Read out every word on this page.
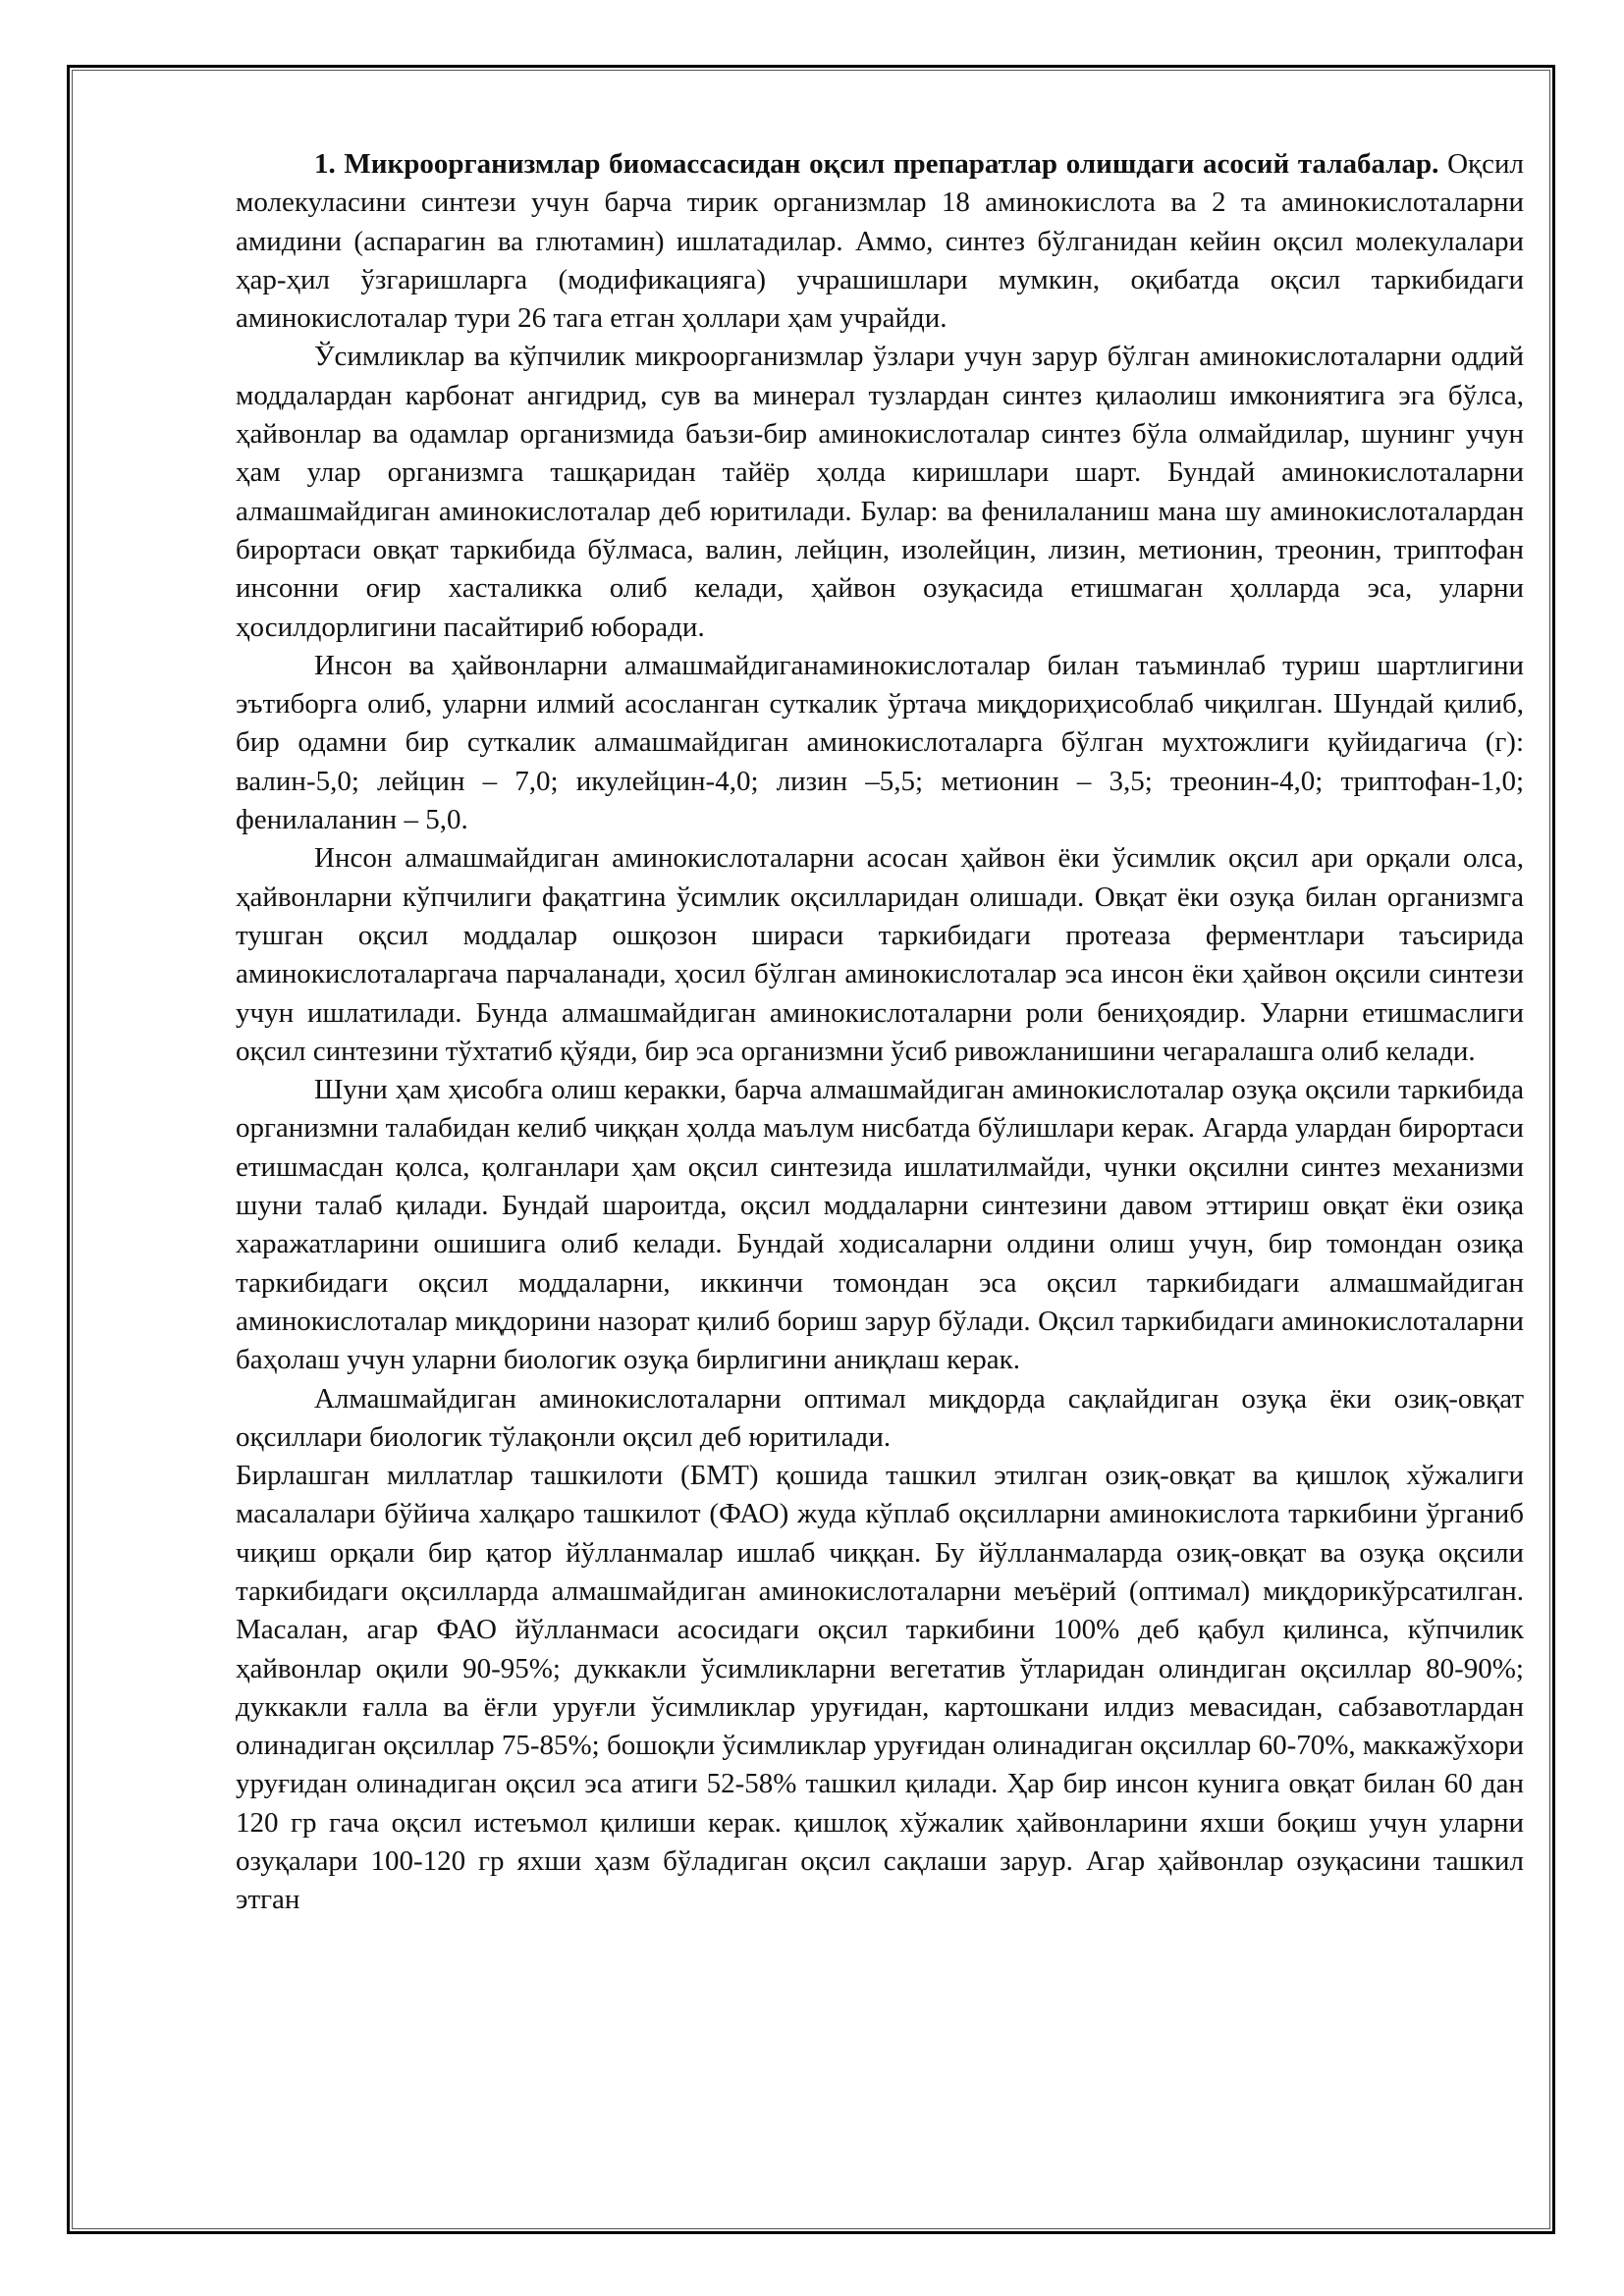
1. Микроорганизмлар биомассасидан оқсил препаратлар олишдаги асосий талабалар. Оқсил молекуласини синтези учун барча тирик организмлар 18 аминокислота ва 2 та аминокислоталарни амидини (аспарагин ва глютамин) ишлатадилар. Аммо, синтез бўлганидан кейин оқсил молекулалари ҳар-ҳил ўзгаришларга (модификацияга) учрашишлари мумкин, оқибатда оқсил таркибидаги аминокислоталар тури 26 тага етган ҳоллари ҳам учрайди.

Ўсимликлар ва кўпчилик микроорганизмлар ўзлари учун зарур бўлган аминокислоталарни оддий моддалардан карбонат ангидрид, сув ва минерал тузлардан синтез қилаолиш имкониятига эга бўлса, ҳайвонлар ва одамлар организмида баъзи-бир аминокислоталар синтез бўла олмайдилар, шунинг учун ҳам улар организмга ташқаридан тайёр ҳолда киришлари шарт. Бундай аминокислоталарни алмашмайдиган аминокислоталар деб юритилади. Булар: ва фенилаланиш мана шу аминокислоталардан бирортаси овқат таркибида бўлмаса, валин, лейцин, изолейцин, лизин, метионин, треонин, триптофан инсонни оғир хасталикка олиб келади, ҳайвон озуқасида етишмаган ҳолларда эса, уларни ҳосилдорлигини пасайтириб юборади.

Инсон ва ҳайвонларни алмашмайдиганаминокислоталар билан таъминлаб туриш шартлигини эътиборга олиб, уларни илмий асосланган суткалик ўртача миқдориҳисоблаб чиқилган. Шундай қилиб, бир одамни бир суткалик алмашмайдиган аминокислоталарга бўлган мухтожлиги қуйидагича (г): валин-5,0; лейцин – 7,0; икулейцин-4,0; лизин –5,5; метионин – 3,5; треонин-4,0; триптофан-1,0; фенилаланин – 5,0.

Инсон алмашмайдиган аминокислоталарни асосан ҳайвон ёки ўсимлик оқсил ари орқали олса, ҳайвонларни кўпчилиги фақатгина ўсимлик оқсилларидан олишади. Овқат ёки озуқа билан организмга тушган оқсил моддалар ошқозон шираси таркибидаги протеаза ферментлари таъсирида аминокислоталаргача парчаланади, ҳосил бўлган аминокислоталар эса инсон ёки ҳайвон оқсили синтези учун ишлатилади. Бунда алмашмайдиган аминокислоталарни роли бениҳоядир. Уларни етишмаслиги оқсил синтезини тўхтатиб қўяди, бир эса организмни ўсиб ривожланишини чегаралашга олиб келади.

Шуни ҳам ҳисобга олиш керакки, барча алмашмайдиган аминокислоталар озуқа оқсили таркибида организмни талабидан келиб чиққан ҳолда маълум нисбатда бўлишлари керак. Агарда улардан бирортаси етишмасдан қолса, қолганлари ҳам оқсил синтезида ишлатилмайди, чунки оқсилни синтез механизми шуни талаб қилади. Бундай шароитда, оқсил моддаларни синтезини давом эттириш овқат ёки озиқа харажатларини ошишига олиб келади. Бундай ходисаларни олдини олиш учун, бир томондан озиқа таркибидаги оқсил моддаларни, иккинчи томондан эса оқсил таркибидаги алмашмайдиган аминокислоталар миқдорини назорат қилиб бориш зарур бўлади. Оқсил таркибидаги аминокислоталарни баҳолаш учун уларни биологик озуқа бирлигини аниқлаш керак.

Алмашмайдиган аминокислоталарни оптимал миқдорда сақлайдиган озуқа ёки озиқ-овқат оқсиллари биологик тўлақонли оқсил деб юритилади.

Бирлашган миллатлар ташкилоти (БМТ) қошида ташкил этилган озиқ-овқат ва қишлоқ хўжалиги масалалари бўйича халқаро ташкилот (ФАО) жуда кўплаб оқсилларни аминокислота таркибини ўрганиб чиқиш орқали бир қатор йўлланмалар ишлаб чиққан. Бу йўлланмаларда озиқ-овқат ва озуқа оқсили таркибидаги оқсилларда алмашмайдиган аминокислоталарни меъёрий (оптимал) миқдорикўрсатилган. Масалан, агар ФАО йўлланмаси асосидаги оқсил таркибини 100% деб қабул қилинса, кўпчилик ҳайвонлар оқили 90-95%; дуккакли ўсимликларни вегетатив ўтларидан олиндиган оқсиллар 80-90%; дуккакли ғалла ва ёғли уруғли ўсимликлар уруғидан, картошкани илдиз мевасидан, сабзавотлардан олинадиган оқсиллар 75-85%; бошоқли ўсимликлар уруғидан олинадиган оқсиллар 60-70%, маккажўхори уруғидан олинадиган оқсил эса атиги 52-58% ташкил қилади. Ҳар бир инсон кунига овқат билан 60 дан 120 гр гача оқсил истеъмол қилиши керак. қишлоқ хўжалик ҳайвонларини яхши боқиш учун уларни озуқалари 100-120 гр яхши ҳазм бўладиган оқсил сақлаши зарур. Агар ҳайвонлар озуқасини ташкил этган
